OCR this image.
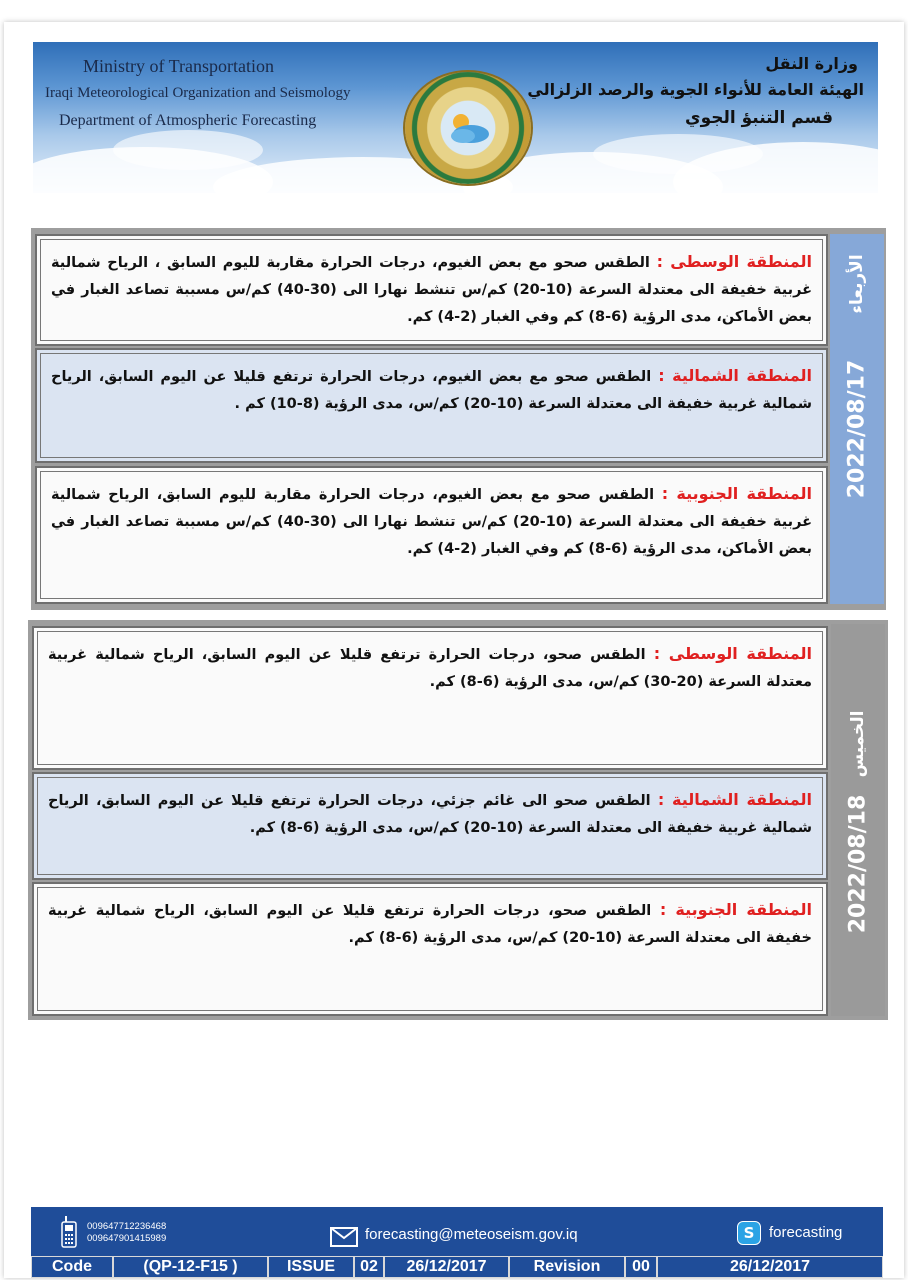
Ministry of Transportation
Iraqi Meteorological Organization and Seismology
Department of Atmospheric Forecasting
وزارة النقل
الهيئة العامة للأنواء الجوية والرصد الزلزالي
قسم التنبؤ الجوي
الأربعاء
2022/08/17
المنطقة الوسطى : الطقس صحو مع بعض الغيوم، درجات الحرارة مقاربة لليوم السابق ، الرياح شمالية غربية خفيفة الى معتدلة السرعة (10-20) كم/س تنشط نهارا الى (30-40) كم/س مسببة تصاعد الغبار في بعض الأماكن، مدى الرؤية (6-8) كم وفي الغبار (2-4) كم.
المنطقة الشمالية : الطقس صحو مع بعض الغيوم، درجات الحرارة ترتفع قليلا عن اليوم السابق، الرياح شمالية غربية خفيفة الى معتدلة السرعة (10-20) كم/س، مدى الرؤية (8-10) كم .
المنطقة الجنوبية : الطقس صحو مع بعض الغيوم، درجات الحرارة مقاربة لليوم السابق، الرياح شمالية غربية خفيفة الى معتدلة السرعة (10-20) كم/س تنشط نهارا الى (30-40) كم/س مسببة تصاعد الغبار في بعض الأماكن، مدى الرؤية (6-8) كم وفي الغبار (2-4) كم.
الخميس
2022/08/18
المنطقة الوسطى : الطقس صحو، درجات الحرارة ترتفع قليلا عن اليوم السابق، الرياح شمالية غربية معتدلة السرعة (20-30) كم/س، مدى الرؤية (6-8) كم.
المنطقة الشمالية : الطقس صحو الى غائم جزئي، درجات الحرارة ترتفع قليلا عن اليوم السابق، الرياح شمالية غربية خفيفة الى معتدلة السرعة (10-20) كم/س، مدى الرؤية (6-8) كم.
المنطقة الجنوبية : الطقس صحو، درجات الحرارة ترتفع قليلا عن اليوم السابق، الرياح شمالية غربية خفيفة الى معتدلة السرعة (10-20) كم/س، مدى الرؤية (6-8) كم.
009647712236468
009647901415989	forecasting@meteoseism.gov.iq	S forecasting
Code	(QP-12-F15 )	ISSUE	02	26/12/2017	Revision	00	26/12/2017
